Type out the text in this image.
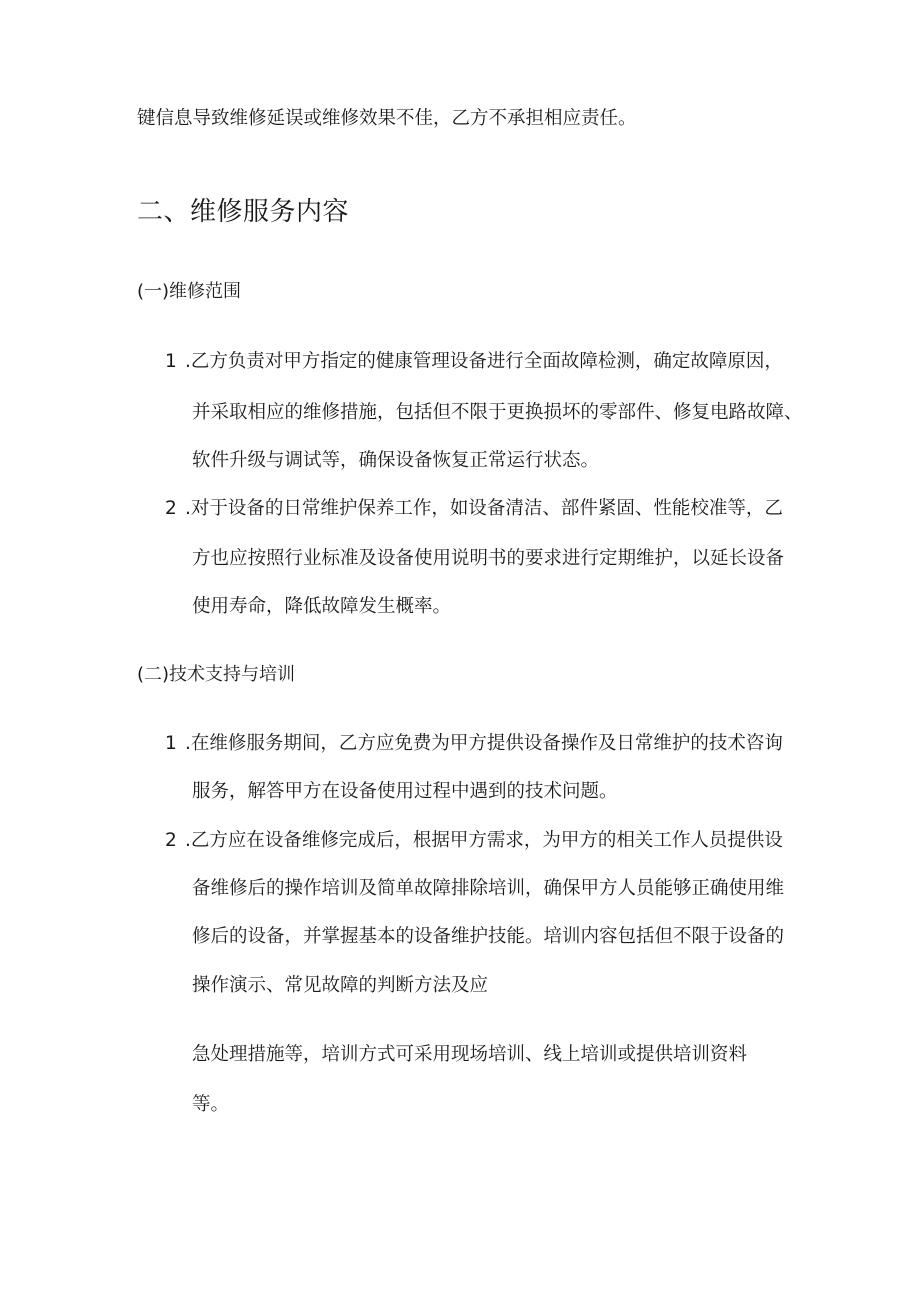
键信息导致维修延误或维修效果不佳，乙方不承担相应责任。
二、维修服务内容
(一)维修范围
1 .乙方负责对甲方指定的健康管理设备进行全面故障检测，确定故障原因，
并采取相应的维修措施，包括但不限于更换损坏的零部件、修复电路故障、
软件升级与调试等，确保设备恢复正常运行状态。
2 .对于设备的日常维护保养工作，如设备清洁、部件紧固、性能校准等，乙
方也应按照行业标准及设备使用说明书的要求进行定期维护，以延长设备
使用寿命，降低故障发生概率。
(二)技术支持与培训
1 .在维修服务期间，乙方应免费为甲方提供设备操作及日常维护的技术咨询
服务，解答甲方在设备使用过程中遇到的技术问题。
2 .乙方应在设备维修完成后，根据甲方需求，为甲方的相关工作人员提供设
备维修后的操作培训及简单故障排除培训，确保甲方人员能够正确使用维
修后的设备，并掌握基本的设备维护技能。培训内容包括但不限于设备的
操作演示、常见故障的判断方法及应
急处理措施等，培训方式可采用现场培训、线上培训或提供培训资料
等。
